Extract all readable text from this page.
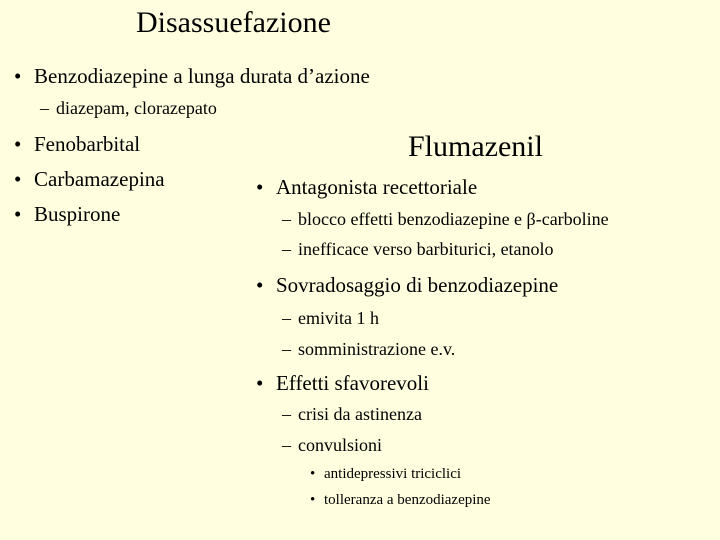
Disassuefazione
• Benzodiazepine a lunga durata d’azione
– diazepam, clorazepato
• Fenobarbital
• Carbamazepina
• Buspirone
Flumazenil
• Antagonista recettoriale
– blocco effetti benzodiazepine e β-carboline
– inefficace verso barbiturici, etanolo
• Sovradosaggio di benzodiazepine
– emivita 1 h
– somministrazione e.v.
• Effetti sfavorevoli
– crisi da astinenza
– convulsioni
• antidepressivi triciclici
• tolleranza a benzodiazepine
